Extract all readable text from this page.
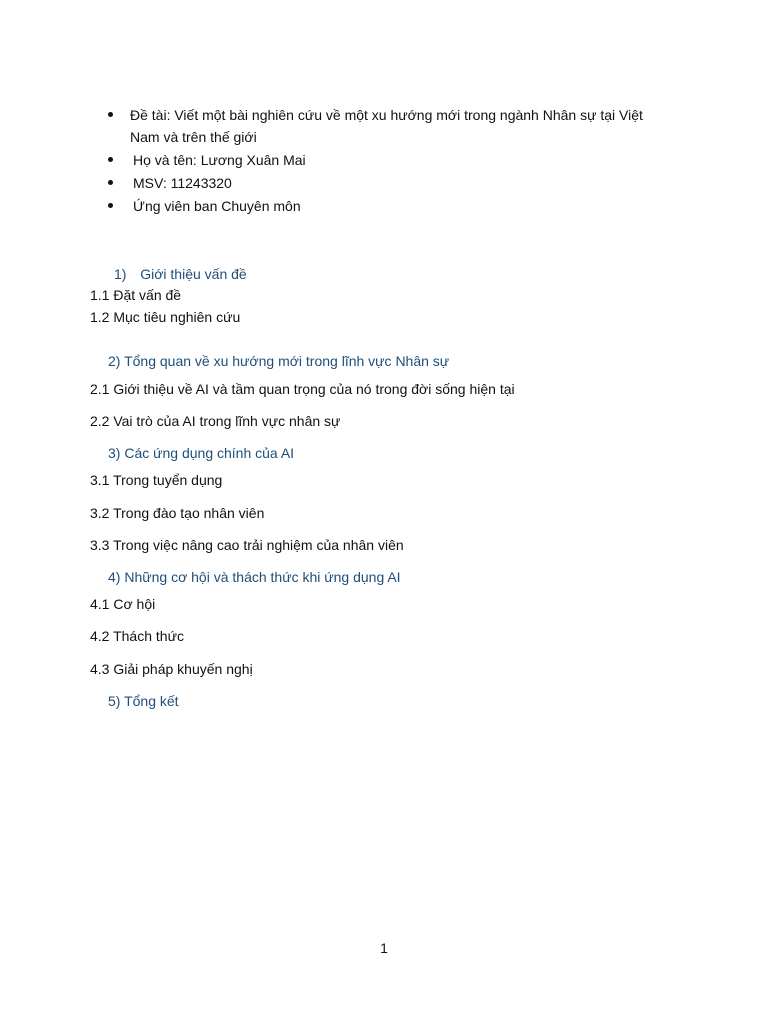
Đề tài: Viết một bài nghiên cứu về một xu hướng mới trong ngành Nhân sự tại Việt Nam và trên thế giới
Họ và tên: Lương Xuân Mai
MSV: 11243320
Ứng viên ban Chuyên môn
1) Giới thiệu vấn đề
1.1 Đặt vấn đề
1.2 Mục tiêu nghiên cứu
2) Tổng quan về xu hướng mới trong lĩnh vực Nhân sự
2.1 Giới thiệu về AI và tầm quan trọng của nó trong đời sống hiện tại
2.2 Vai trò của AI trong lĩnh vực nhân sự
3) Các ứng dụng chính của AI
3.1 Trong tuyển dụng
3.2 Trong đào tạo nhân viên
3.3 Trong việc nâng cao trải nghiệm của nhân viên
4) Những cơ hội và thách thức khi ứng dụng AI
4.1 Cơ hội
4.2 Thách thức
4.3 Giải pháp khuyến nghị
5) Tổng kết
1
